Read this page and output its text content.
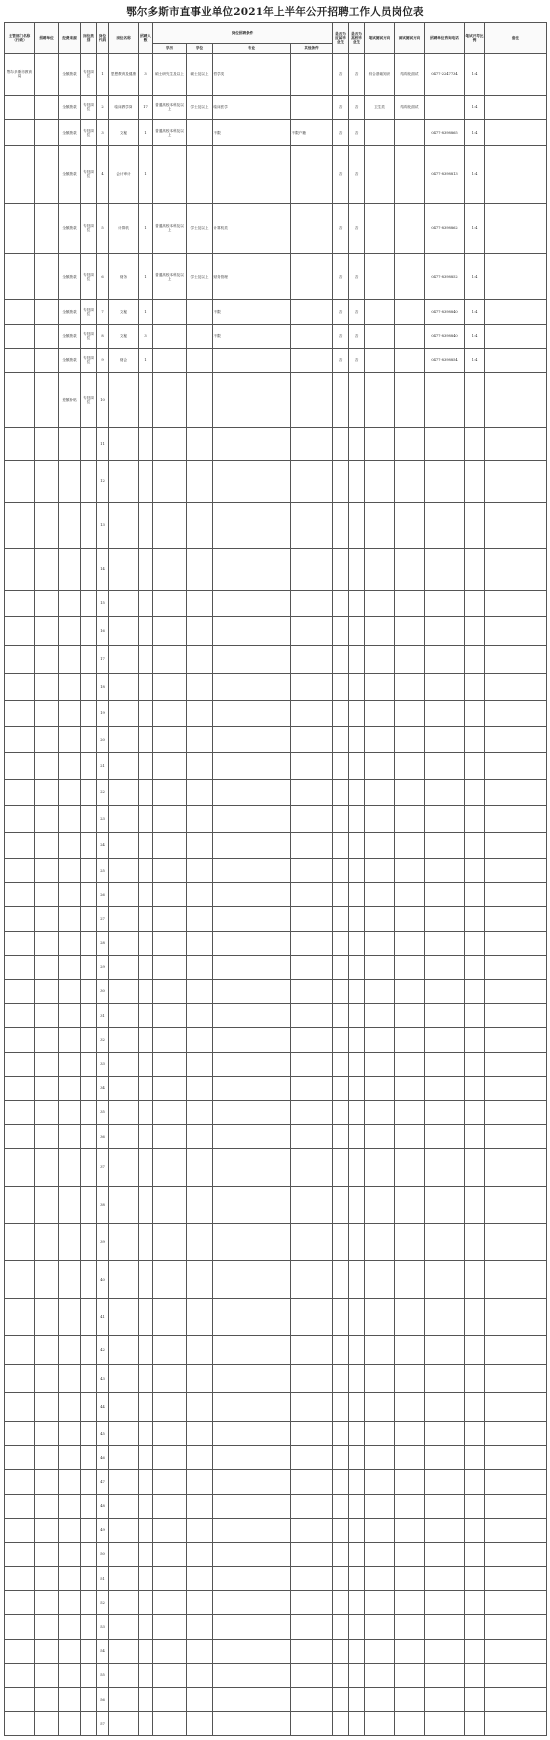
鄂尔多斯市直事业单位2021年上半年公开招聘工作人员岗位表
主管部门名称（行政）	招聘单位	经费来源	岗位类别	岗位代码	岗位名称	招聘人数	岗位招聘条件				是否为应届毕业生	是否为高校毕业生	笔试测试方向	面试测试方向	招聘单位咨询电话	笔试开考比例	备注
							学历	学位	专业	其他条件							
鄂尔多斯市教育局		全额拨款	专技岗位	1	思想教育及健康	3	硕士研究生及以上	硕士及以上	哲学类		否	否	综合基础知识	结构化面试	0477-2247734	1:4	
		全额拨款	专技岗位	2	临床教学岗	17	普通高校本科及以上	学士及以上	临床医学		否	否	卫生类	结构化面试		1:4	
		全额拨款	专技岗位	3	文秘	1	普通高校本科及以上		不限	不限户籍	否	否			0477-8398865	1:4	
		全额拨款	专技岗位	4	会计审计	1					否	否			0477-8398813	1:4	
		全额拨款	专技岗位	5	计算机	1	普通高校本科及以上	学士及以上	计算机类		否	否			0477-8398862	1:4	
		全额拨款	专技岗位	6	财务	1	普通高校本科及以上	学士及以上	财务管理		否	否			0477-8398852	1:4	
		全额拨款	专技岗位	7	文秘	1			不限		否	否			0477-8398840	1:4	
		全额拨款	专技岗位	8	文秘	3			不限		否	否			0477-8398840	1:4	
		全额拨款	专技岗位	9	财会	1					否	否			0477-8398854	1:4	
		差额补贴	专技岗位	10													
				11													
				12													
				13													
				14													
				15													
				16													
				17													
				18													
				19													
				20													
				21													
				22													
				23													
				24													
				25													
				26													
				27													
				28													
				29													
				30													
				31													
				32													
				33													
				34													
				35													
				36													
				37													
				38													
				39													
				40													
				41													
				42													
				43													
				44													
				45													
				46													
				47													
				48													
				49													
				50													
				51													
				52													
				53													
				54													
				55													
				56													
				57													
